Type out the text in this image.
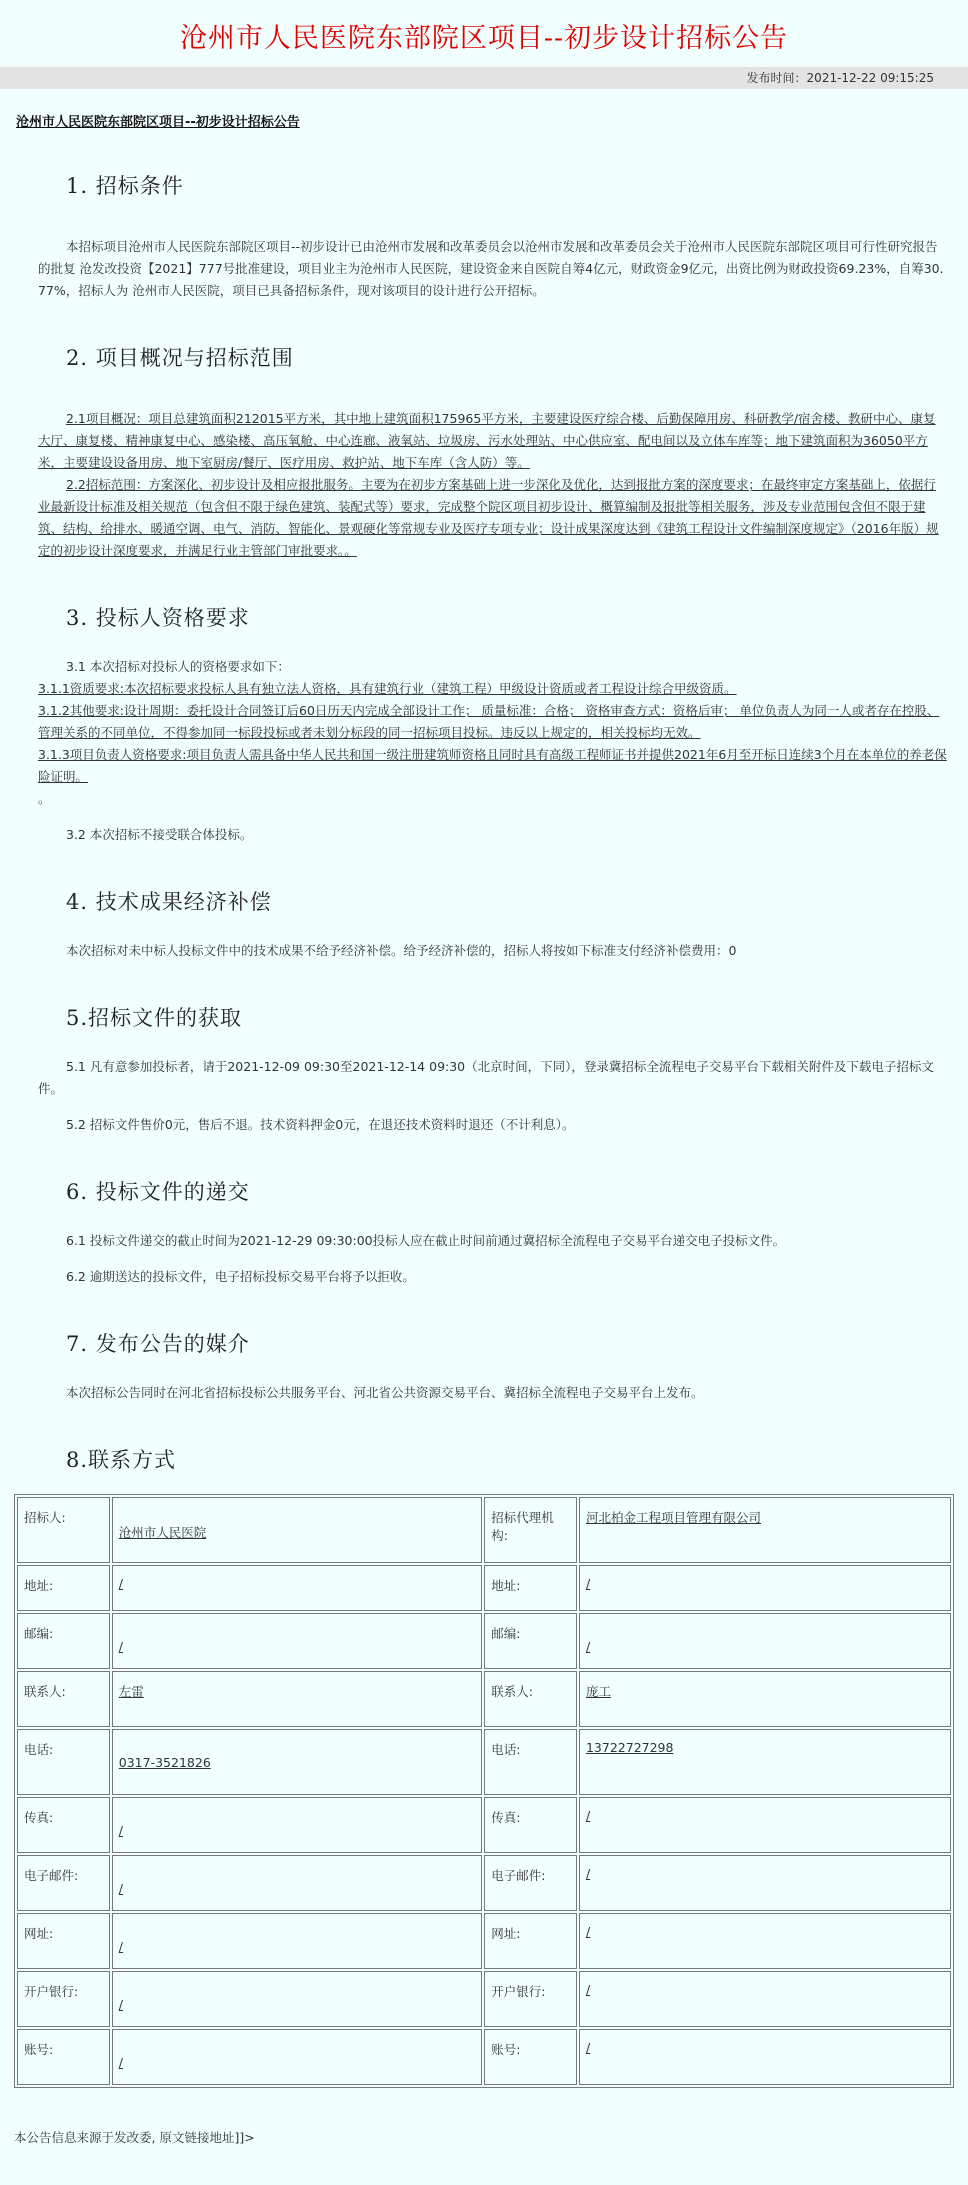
沧州市人民医院东部院区项目--初步设计招标公告
发布时间：2021-12-22 09:15:25
沧州市人民医院东部院区项目--初步设计招标公告
1. 招标条件
本招标项目沧州市人民医院东部院区项目--初步设计已由沧州市发展和改革委员会以沧州市发展和改革委员会关于沧州市人民医院东部院区项目可行性研究报告的批复 沧发改投资【2021】777号批准建设，项目业主为沧州市人民医院，建设资金来自医院自筹4亿元，财政资金9亿元，出资比例为财政投资69.23%，自筹30.77%，招标人为 沧州市人民医院，项目已具备招标条件，现对该项目的设计进行公开招标。
2. 项目概况与招标范围
2.1项目概况：项目总建筑面积212015平方米，其中地上建筑面积175965平方米，主要建设医疗综合楼、后勤保障用房、科研教学/宿舍楼、教研中心、康复大厅、康复楼、精神康复中心、感染楼、高压氧舱、中心连廊、液氧站、垃圾房、污水处理站、中心供应室、配电间以及立体车库等；地下建筑面积为36050平方米，主要建设设备用房、地下室厨房/餐厅、医疗用房、救护站、地下车库（含人防）等。
2.2招标范围：方案深化、初步设计及相应报批服务。主要为在初步方案基础上进一步深化及优化，达到报批方案的深度要求；在最终审定方案基础上，依据行业最新设计标准及相关规范（包含但不限于绿色建筑、装配式等）要求，完成整个院区项目初步设计、概算编制及报批等相关服务，涉及专业范围包含但不限于建筑、结构、给排水、暖通空调、电气、消防、智能化、景观硬化等常规专业及医疗专项专业；设计成果深度达到《建筑工程设计文件编制深度规定》（2016年版）规定的初步设计深度要求，并满足行业主管部门审批要求。。
3. 投标人资格要求
3.1 本次招标对投标人的资格要求如下：
3.1.1资质要求:本次招标要求投标人具有独立法人资格，具有建筑行业（建筑工程）甲级设计资质或者工程设计综合甲级资质。
3.1.2其他要求:设计周期：委托设计合同签订后60日历天内完成全部设计工作； 质量标准：合格； 资格审查方式：资格后审； 单位负责人为同一人或者存在控股、管理关系的不同单位，不得参加同一标段投标或者未划分标段的同一招标项目投标。违反以上规定的，相关投标均无效。
3.1.3项目负责人资格要求:项目负责人需具备中华人民共和国一级注册建筑师资格且同时具有高级工程师证书并提供2021年6月至开标日连续3个月在本单位的养老保险证明。
。
3.2 本次招标不接受联合体投标。
4. 技术成果经济补偿
本次招标对未中标人投标文件中的技术成果不给予经济补偿。给予经济补偿的，招标人将按如下标准支付经济补偿费用：0
5.招标文件的获取
5.1 凡有意参加投标者，请于2021-12-09 09:30至2021-12-14 09:30（北京时间，下同），登录冀招标全流程电子交易平台下载相关附件及下载电子招标文件。
5.2 招标文件售价0元，售后不退。技术资料押金0元，在退还技术资料时退还（不计利息）。
6. 投标文件的递交
6.1 投标文件递交的截止时间为2021-12-29 09:30:00投标人应在截止时间前通过冀招标全流程电子交易平台递交电子投标文件。
6.2 逾期送达的投标文件，电子招标投标交易平台将予以拒收。
7. 发布公告的媒介
本次招标公告同时在河北省招标投标公共服务平台、河北省公共资源交易平台、冀招标全流程电子交易平台上发布。
8.联系方式
招标人:	沧州市人民医院	招标代理机构:	河北柏金工程项目管理有限公司
地址:	/	地址:	/
邮编:	/	邮编:	/
联系人:	左雷	联系人:	庞工
电话:	0317-3521826	电话:	13722727298
传真:	/	传真:	/
电子邮件:	/	电子邮件:	/
网址:	/	网址:	/
开户银行:	/	开户银行:	/
账号:	/	账号:	/
本公告信息来源于发改委, 原文链接地址]]>
